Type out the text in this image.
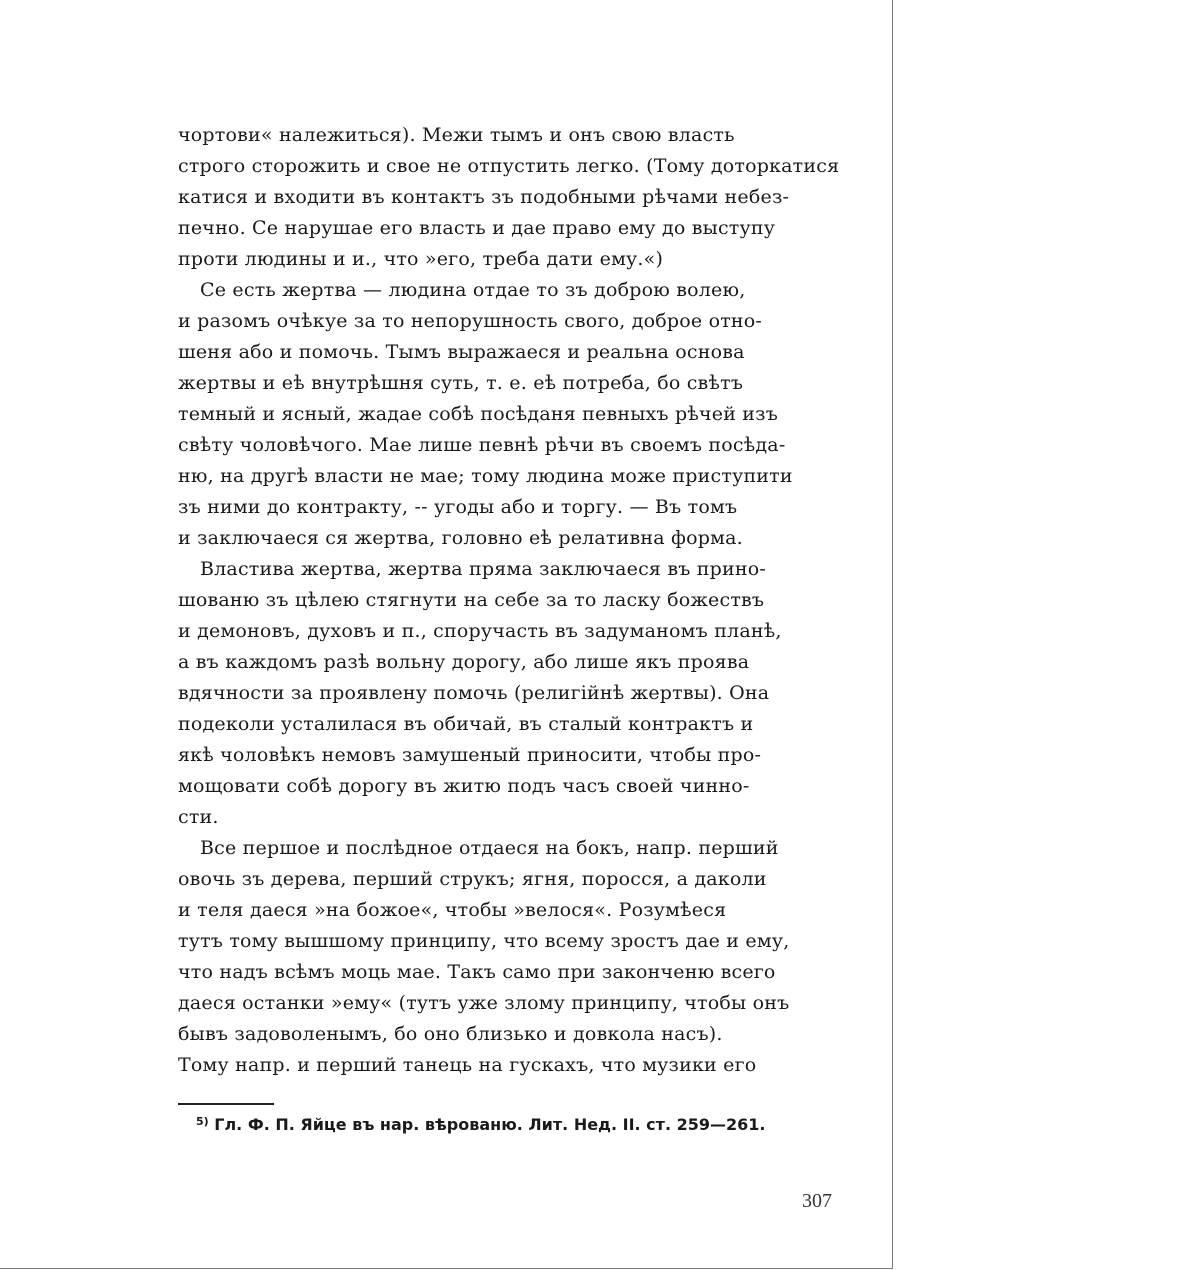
чортови« належиться). Межи тымъ и онъ свою власть
строго сторожить и свое не отпустить легко. (Тому доторкатися
катися и входити въ контактъ зъ подобными рѣчами небез-
печно. Се нарушае его власть и дае право ему до выступу
проти людины и и., что »его, треба дати ему.«)
Се есть жертва — людина отдае то зъ доброю волею,
и разомъ очѣкуе за то непорушность свого, доброе отно-
шеня або и помочь. Тымъ выражаеся и реальна основа
жертвы и еѣ внутрѣшня суть, т. е. еѣ потреба, бо свѣтъ
темный и ясный, жадае собѣ посѣданя певныхъ рѣчей изъ
свѣту чоловѣчого. Мае лише певнѣ рѣчи въ своемъ посѣда-
ню, на другѣ власти не мае; тому людина може приступити
зъ ними до контракту, -- угоды або и торгу. — Въ томъ
и заключаеся ся жертва, головно еѣ релативна форма.
Властива жертва, жертва пряма заключаеся въ прино-
шованю зъ цѣлею стягнути на себе за то ласку божествъ
и демоновъ, духовъ и п., споручасть въ задуманомъ планѣ,
а въ каждомъ разѣ вольну дорогу, або лише якъ проява
вдячности за проявлену помочь (религійнѣ жертвы). Она
подеколи усталилася въ обичай, въ сталый контрактъ и
якѣ чоловѣкъ немовъ замушеный приносити, чтобы про-
мощовати собѣ дорогу въ житю подъ часъ своей чинно-
сти.
Все першое и послѣдное отдаеся на бокъ, напр. перший
овочь зъ дерева, перший струкъ; ягня, поросся, а даколи
и теля даеся »на божое«, чтобы »велося«. Розумѣеся
тутъ тому вышшому принципу, что всему зростъ дае и ему,
что надъ всѣмъ моць мае. Такъ само при законченю всего
даеся останки »ему« (тутъ уже злому принципу, чтобы онъ
бывъ задоволенымъ, бо оно близько и довкола насъ).
Тому напр. и перший танець на гускахъ, что музики его
$^{5)}$ Гл. Ф. П. Яйце въ нар. вѣрованю. Лит. Нед. II. ст. 259—261.
307
